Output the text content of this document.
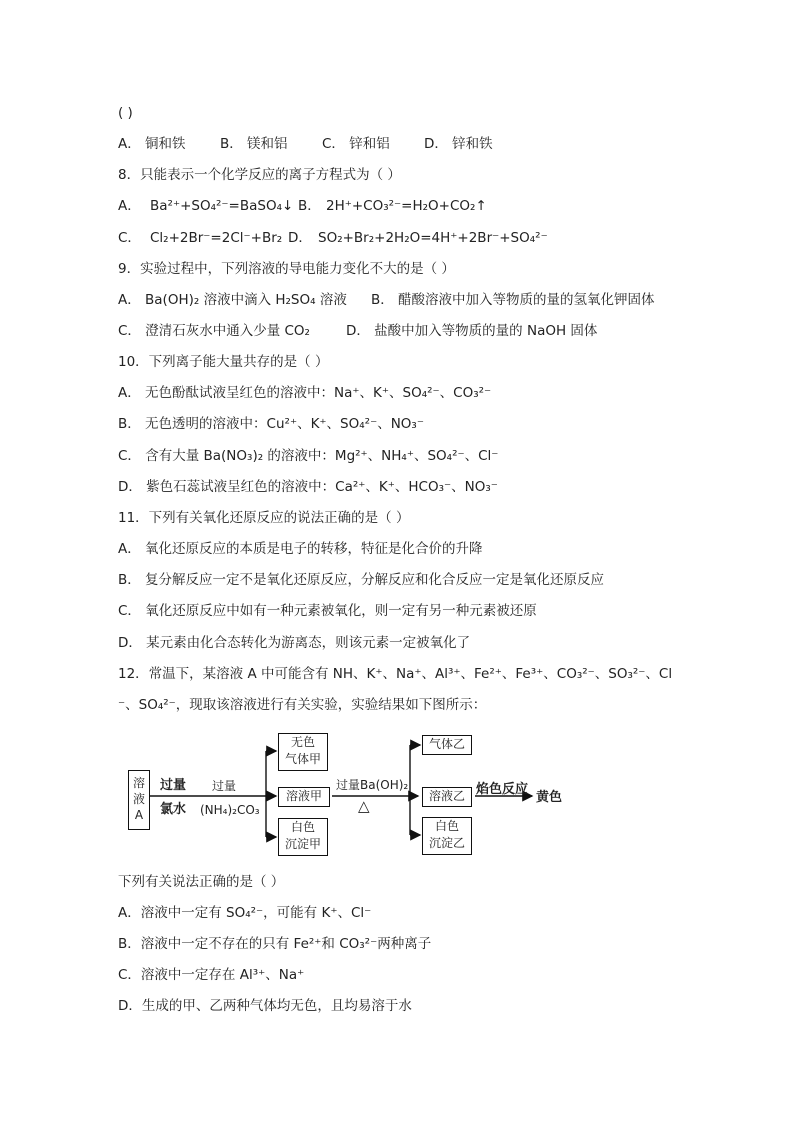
( )
A． 铜和铁	B． 镁和铝	C． 锌和铝	D． 锌和铁
8．只能表示一个化学反应的离子方程式为（ ）
A． Ba²⁺+SO₄²⁻=BaSO₄↓ B． 2H⁺+CO₃²⁻=H₂O+CO₂↑
C． Cl₂+2Br⁻=2Cl⁻+Br₂ D． SO₂+Br₂+2H₂O=4H⁺+2Br⁻+SO₄²⁻
9．实验过程中，下列溶液的导电能力变化不大的是（ ）
A． Ba(OH)₂ 溶液中滴入 H₂SO₄ 溶液 B． 醋酸溶液中加入等物质的量的氢氧化钾固体
C． 澄清石灰水中通入少量 CO₂	D． 盐酸中加入等物质的量的 NaOH 固体
10．下列离子能大量共存的是（ ）
A． 无色酚酞试液呈红色的溶液中：Na⁺、K⁺、SO₄²⁻、CO₃²⁻
B． 无色透明的溶液中：Cu²⁺、K⁺、SO₄²⁻、NO₃⁻
C． 含有大量 Ba(NO₃)₂ 的溶液中：Mg²⁺、NH₄⁺、SO₄²⁻、Cl⁻
D． 紫色石蕊试液呈红色的溶液中：Ca²⁺、K⁺、HCO₃⁻、NO₃⁻
11．下列有关氧化还原反应的说法正确的是（ ）
A． 氧化还原反应的本质是电子的转移，特征是化合价的升降
B． 复分解反应一定不是氧化还原反应，分解反应和化合反应一定是氧化还原反应
C． 氧化还原反应中如有一种元素被氧化，则一定有另一种元素被还原
D． 某元素由化合态转化为游离态，则该元素一定被氧化了
12．常温下，某溶液 A 中可能含有 NH、K⁺、Na⁺、Al³⁺、Fe²⁺、Fe³⁺、CO₃²⁻、SO₃²⁻、Cl
⁻、SO₄²⁻，现取该溶液进行有关实验，实验结果如下图所示：
溶液A
过量
氯水
过量
(NH₄)₂CO₃
无色
气体甲
溶液甲
白色
沉淀甲
过量Ba(OH)₂
△
气体乙
溶液乙
白色
沉淀乙
焰色反应
黄色
下列有关说法正确的是（ ）
A．溶液中一定有 SO₄²⁻，可能有 K⁺、Cl⁻
B．溶液中一定不存在的只有 Fe²⁺和 CO₃²⁻两种离子
C．溶液中一定存在 Al³⁺、Na⁺
D．生成的甲、乙两种气体均无色，且均易溶于水
